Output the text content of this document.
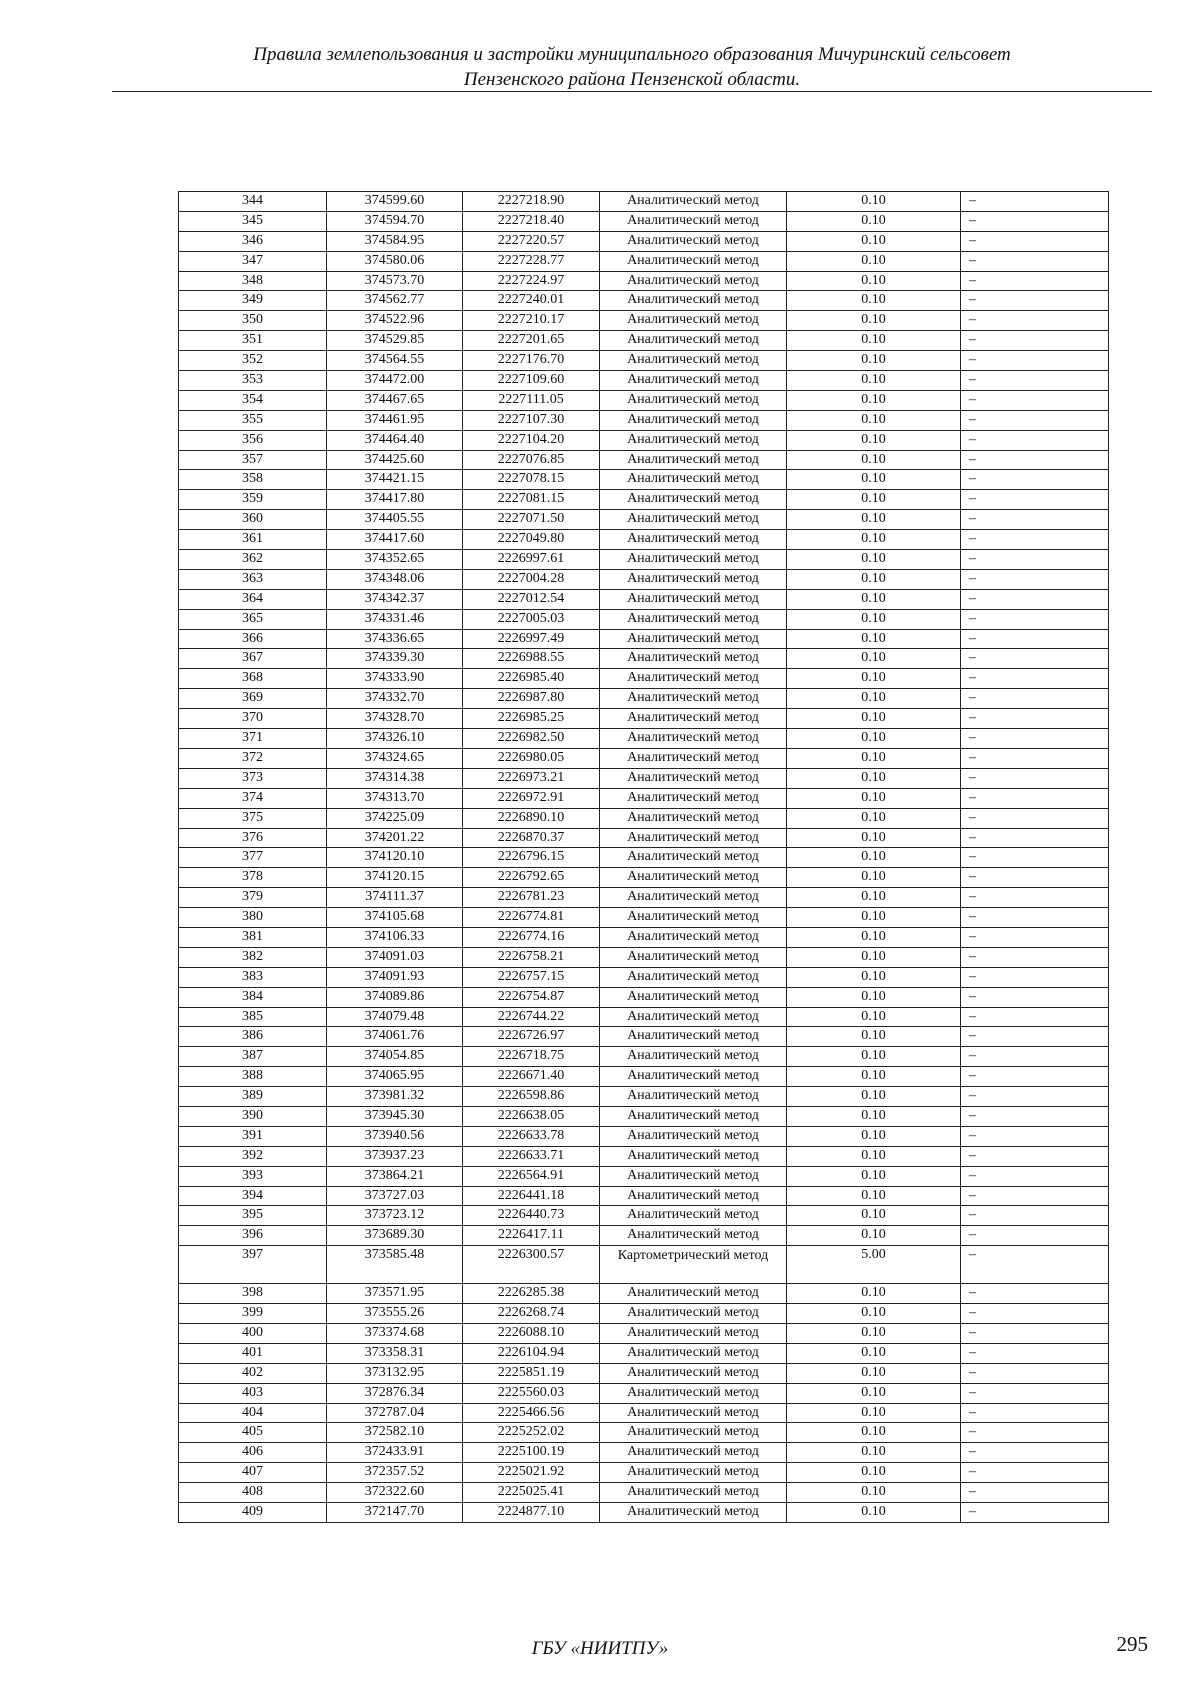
Правила землепользования и застройки муниципального образования Мичуринский сельсовет
Пензенского района Пензенской области.
344	374599.60	2227218.90	Аналитический метод	0.10	–
345	374594.70	2227218.40	Аналитический метод	0.10	–
346	374584.95	2227220.57	Аналитический метод	0.10	–
347	374580.06	2227228.77	Аналитический метод	0.10	–
348	374573.70	2227224.97	Аналитический метод	0.10	–
349	374562.77	2227240.01	Аналитический метод	0.10	–
350	374522.96	2227210.17	Аналитический метод	0.10	–
351	374529.85	2227201.65	Аналитический метод	0.10	–
352	374564.55	2227176.70	Аналитический метод	0.10	–
353	374472.00	2227109.60	Аналитический метод	0.10	–
354	374467.65	2227111.05	Аналитический метод	0.10	–
355	374461.95	2227107.30	Аналитический метод	0.10	–
356	374464.40	2227104.20	Аналитический метод	0.10	–
357	374425.60	2227076.85	Аналитический метод	0.10	–
358	374421.15	2227078.15	Аналитический метод	0.10	–
359	374417.80	2227081.15	Аналитический метод	0.10	–
360	374405.55	2227071.50	Аналитический метод	0.10	–
361	374417.60	2227049.80	Аналитический метод	0.10	–
362	374352.65	2226997.61	Аналитический метод	0.10	–
363	374348.06	2227004.28	Аналитический метод	0.10	–
364	374342.37	2227012.54	Аналитический метод	0.10	–
365	374331.46	2227005.03	Аналитический метод	0.10	–
366	374336.65	2226997.49	Аналитический метод	0.10	–
367	374339.30	2226988.55	Аналитический метод	0.10	–
368	374333.90	2226985.40	Аналитический метод	0.10	–
369	374332.70	2226987.80	Аналитический метод	0.10	–
370	374328.70	2226985.25	Аналитический метод	0.10	–
371	374326.10	2226982.50	Аналитический метод	0.10	–
372	374324.65	2226980.05	Аналитический метод	0.10	–
373	374314.38	2226973.21	Аналитический метод	0.10	–
374	374313.70	2226972.91	Аналитический метод	0.10	–
375	374225.09	2226890.10	Аналитический метод	0.10	–
376	374201.22	2226870.37	Аналитический метод	0.10	–
377	374120.10	2226796.15	Аналитический метод	0.10	–
378	374120.15	2226792.65	Аналитический метод	0.10	–
379	374111.37	2226781.23	Аналитический метод	0.10	–
380	374105.68	2226774.81	Аналитический метод	0.10	–
381	374106.33	2226774.16	Аналитический метод	0.10	–
382	374091.03	2226758.21	Аналитический метод	0.10	–
383	374091.93	2226757.15	Аналитический метод	0.10	–
384	374089.86	2226754.87	Аналитический метод	0.10	–
385	374079.48	2226744.22	Аналитический метод	0.10	–
386	374061.76	2226726.97	Аналитический метод	0.10	–
387	374054.85	2226718.75	Аналитический метод	0.10	–
388	374065.95	2226671.40	Аналитический метод	0.10	–
389	373981.32	2226598.86	Аналитический метод	0.10	–
390	373945.30	2226638.05	Аналитический метод	0.10	–
391	373940.56	2226633.78	Аналитический метод	0.10	–
392	373937.23	2226633.71	Аналитический метод	0.10	–
393	373864.21	2226564.91	Аналитический метод	0.10	–
394	373727.03	2226441.18	Аналитический метод	0.10	–
395	373723.12	2226440.73	Аналитический метод	0.10	–
396	373689.30	2226417.11	Аналитический метод	0.10	–
397	373585.48	2226300.57	Картометрический метод	5.00	–
398	373571.95	2226285.38	Аналитический метод	0.10	–
399	373555.26	2226268.74	Аналитический метод	0.10	–
400	373374.68	2226088.10	Аналитический метод	0.10	–
401	373358.31	2226104.94	Аналитический метод	0.10	–
402	373132.95	2225851.19	Аналитический метод	0.10	–
403	372876.34	2225560.03	Аналитический метод	0.10	–
404	372787.04	2225466.56	Аналитический метод	0.10	–
405	372582.10	2225252.02	Аналитический метод	0.10	–
406	372433.91	2225100.19	Аналитический метод	0.10	–
407	372357.52	2225021.92	Аналитический метод	0.10	–
408	372322.60	2225025.41	Аналитический метод	0.10	–
409	372147.70	2224877.10	Аналитический метод	0.10	–
ГБУ «НИИТПУ»	295
